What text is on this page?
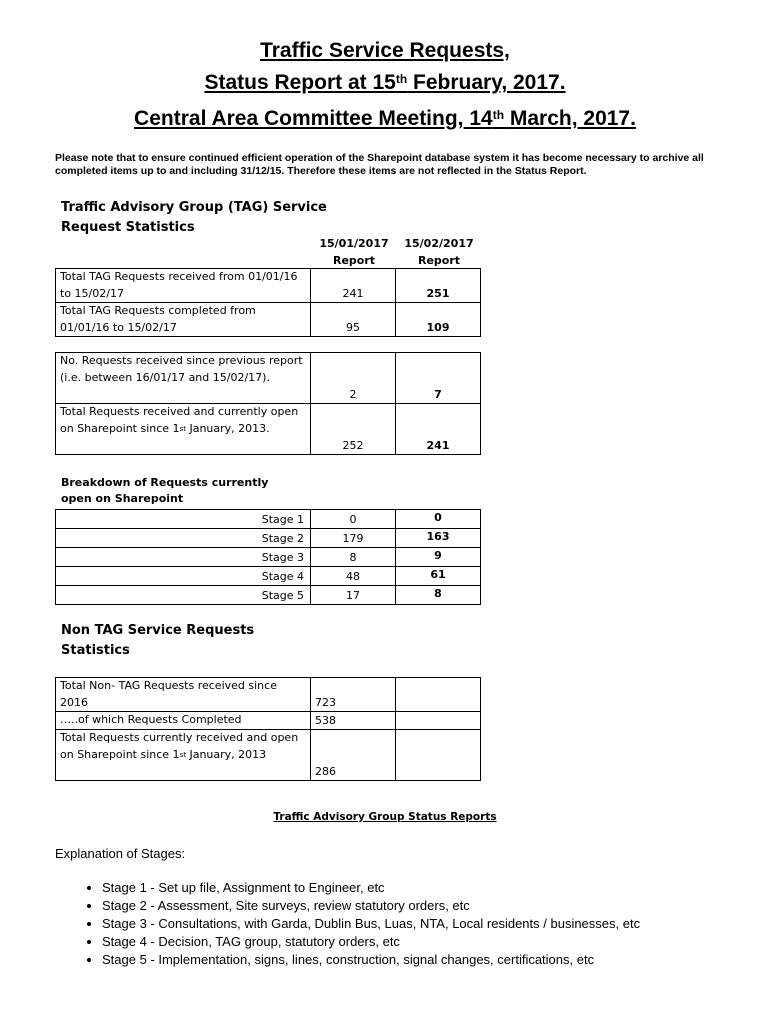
Traffic Service Requests,
Status Report at 15th February, 2017.
Central Area Committee Meeting, 14th March, 2017.
Please note that to ensure continued efficient operation of the Sharepoint database system it has become necessary to archive all completed items up to and including 31/12/15. Therefore these items are not reflected in the Status Report.
Traffic Advisory Group (TAG) Service Request Statistics
15/01/2017 Report
15/02/2017 Report
Total TAG Requests received from 01/01/16 to 15/02/17	241	251
Total TAG Requests completed from 01/01/16 to 15/02/17	95	109
No. Requests received since previous report (i.e. between 16/01/17 and 15/02/17).	2	7
Total Requests received and currently open on Sharepoint since 1st January, 2013.	252	241
Breakdown of Requests currently open on Sharepoint
Stage 1	0	0
Stage 2	179	163
Stage 3	8	9
Stage 4	48	61
Stage 5	17	8
Non TAG Service Requests Statistics
Total Non- TAG Requests received since 2016	723	
…..of which Requests Completed	538	
Total Requests currently received and open on Sharepoint since 1st January, 2013	286	
Traffic Advisory Group Status Reports
Explanation of Stages:
• Stage 1 - Set up file, Assignment to Engineer, etc
• Stage 2 - Assessment, Site surveys, review statutory orders, etc
• Stage 3 - Consultations, with Garda, Dublin Bus, Luas, NTA, Local residents / businesses, etc
• Stage 4 - Decision, TAG group, statutory orders, etc
• Stage 5 - Implementation, signs, lines, construction, signal changes, certifications, etc
